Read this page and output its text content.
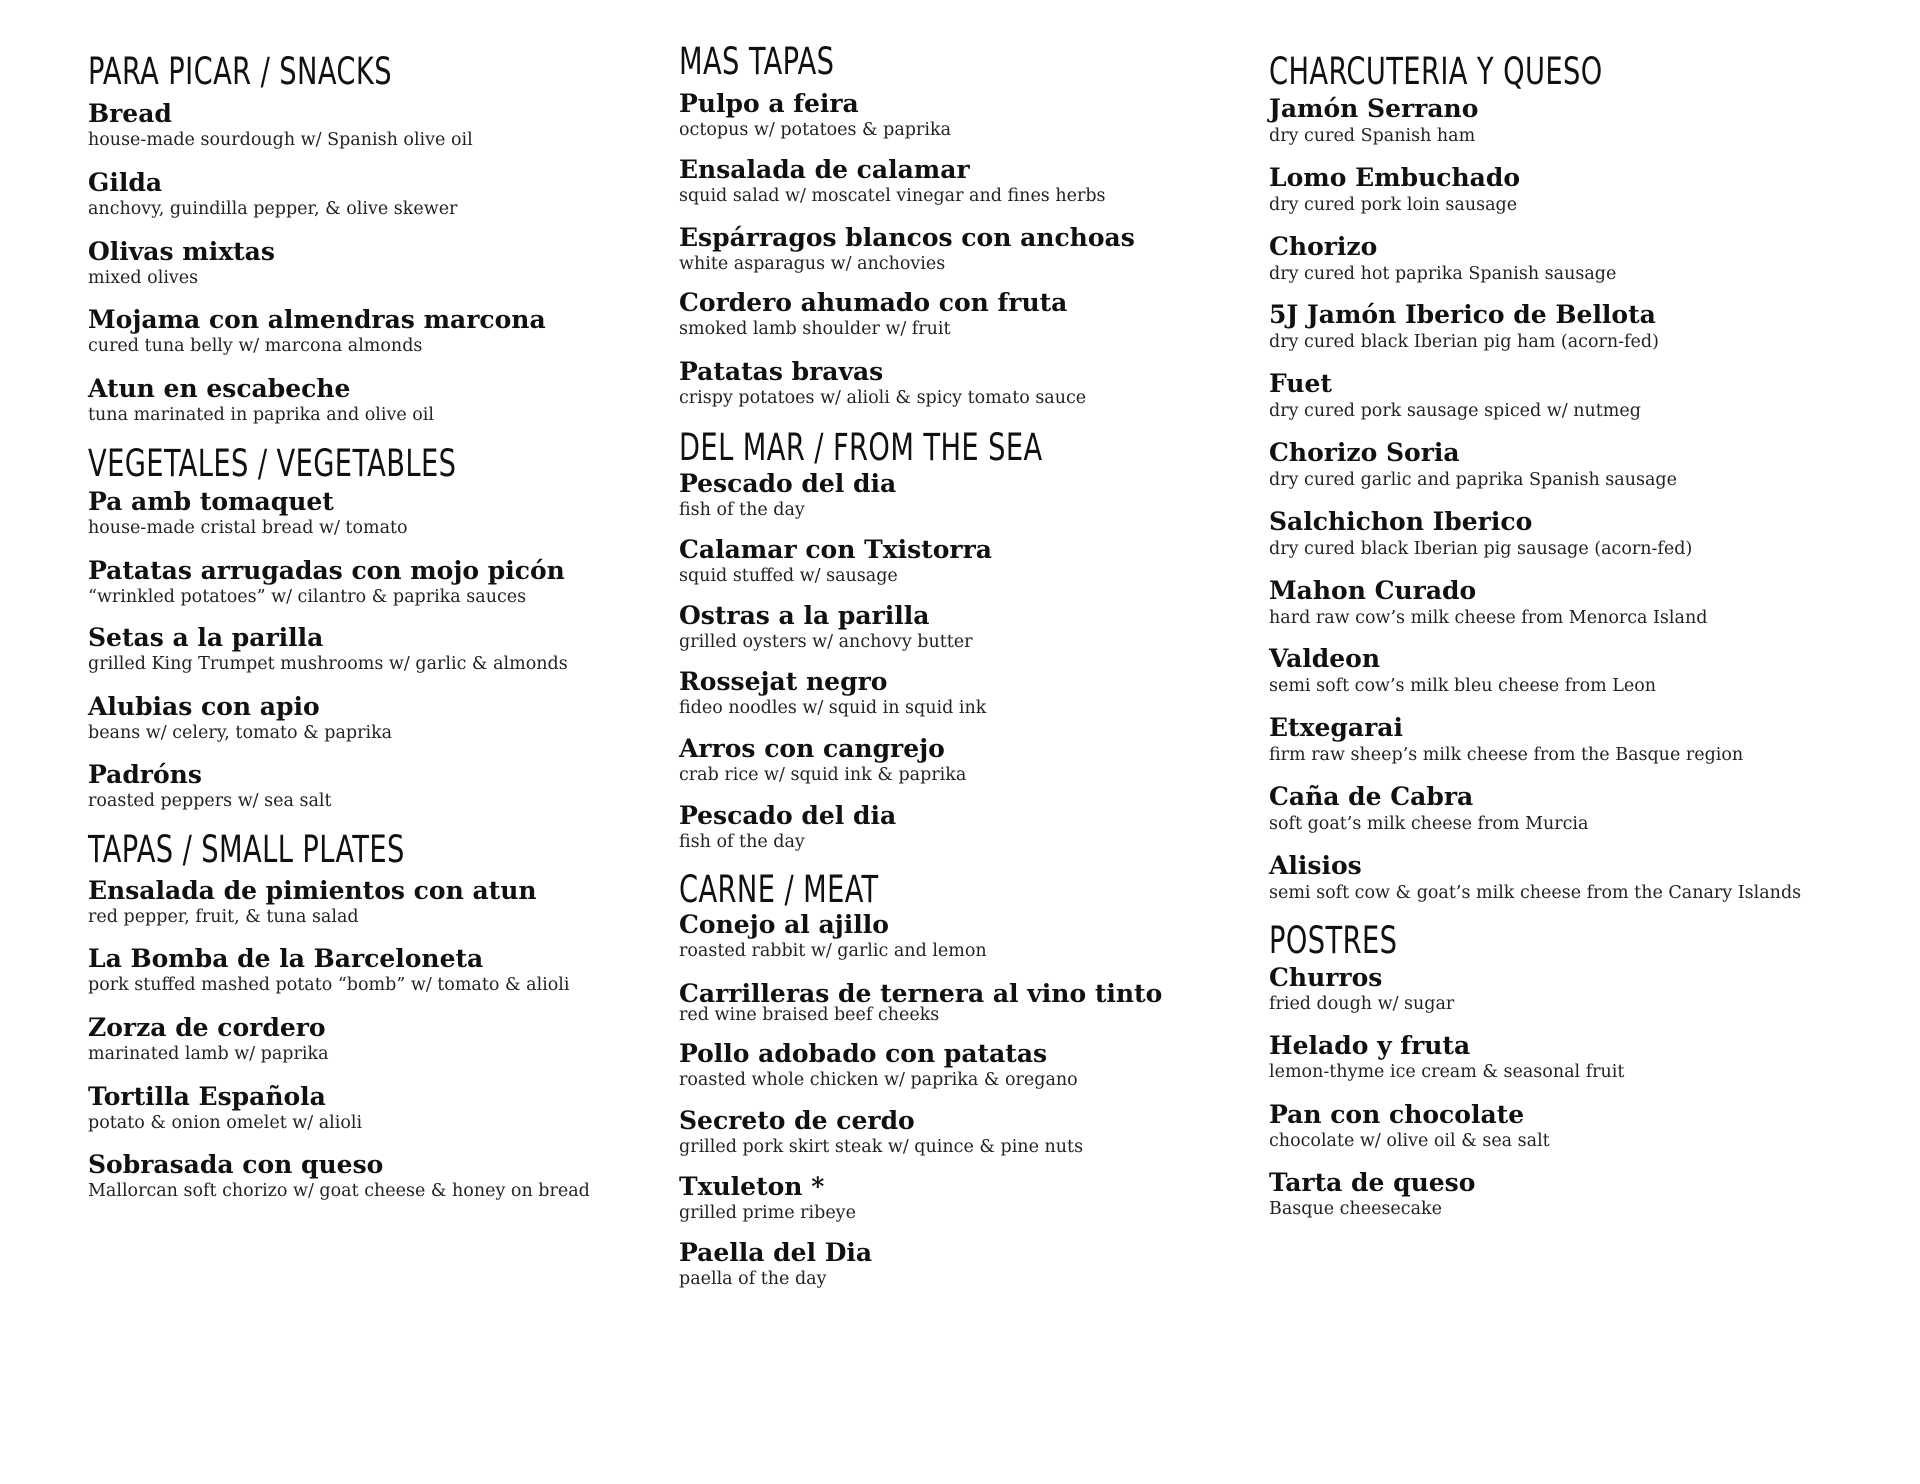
PARA PICAR / SNACKS
Bread
house-made sourdough w/ Spanish olive oil
Gilda
anchovy, guindilla pepper, & olive skewer
Olivas mixtas
mixed olives
Mojama con almendras marcona
cured tuna belly w/ marcona almonds
Atun en escabeche
tuna marinated in paprika and olive oil
VEGETALES / VEGETABLES
Pa amb tomaquet
house-made cristal bread w/ tomato
Patatas arrugadas con mojo picón
“wrinkled potatoes” w/ cilantro & paprika sauces
Setas a la parilla
grilled King Trumpet mushrooms w/ garlic & almonds
Alubias con apio
beans w/ celery, tomato & paprika
Padróns
roasted peppers w/ sea salt
TAPAS / SMALL PLATES
Ensalada de pimientos con atun
red pepper, fruit, & tuna salad
La Bomba de la Barceloneta
pork stuffed mashed potato “bomb” w/ tomato & alioli
Zorza de cordero
marinated lamb w/ paprika
Tortilla Española
potato & onion omelet w/ alioli
Sobrasada con queso
Mallorcan soft chorizo w/ goat cheese & honey on bread
MAS TAPAS
Pulpo a feira
octopus w/ potatoes & paprika
Ensalada de calamar
squid salad w/ moscatel vinegar and fines herbs
Espárragos blancos con anchoas
white asparagus w/ anchovies
Cordero ahumado con fruta
smoked lamb shoulder w/ fruit
Patatas bravas
crispy potatoes w/ alioli & spicy tomato sauce
DEL MAR / FROM THE SEA
Pescado del dia
fish of the day
Calamar con Txistorra
squid stuffed w/ sausage
Ostras a la parilla
grilled oysters w/ anchovy butter
Rossejat negro
fideo noodles w/ squid in squid ink
Arros con cangrejo
crab rice w/ squid ink & paprika
Pescado del dia
fish of the day
CARNE / MEAT
Conejo al ajillo
roasted rabbit w/ garlic and lemon
Carrilleras de ternera al vino tinto
red wine braised beef cheeks
Pollo adobado con patatas
roasted whole chicken w/ paprika & oregano
Secreto de cerdo
grilled pork skirt steak w/ quince & pine nuts
Txuleton *
grilled prime ribeye
Paella del Dia
paella of the day
CHARCUTERIA Y QUESO
Jamón Serrano
dry cured Spanish ham
Lomo Embuchado
dry cured pork loin sausage
Chorizo
dry cured hot paprika Spanish sausage
5J Jamón Iberico de Bellota
dry cured black Iberian pig ham (acorn-fed)
Fuet
dry cured pork sausage spiced w/ nutmeg
Chorizo Soria
dry cured garlic and paprika Spanish sausage
Salchichon Iberico
dry cured black Iberian pig sausage (acorn-fed)
Mahon Curado
hard raw cow’s milk cheese from Menorca Island
Valdeon
semi soft cow’s milk bleu cheese from Leon
Etxegarai
firm raw sheep’s milk cheese from the Basque region
Caña de Cabra
soft goat’s milk cheese from Murcia
Alisios
semi soft cow & goat’s milk cheese from the Canary Islands
POSTRES
Churros
fried dough w/ sugar
Helado y fruta
lemon-thyme ice cream & seasonal fruit
Pan con chocolate
chocolate w/ olive oil & sea salt
Tarta de queso
Basque cheesecake
